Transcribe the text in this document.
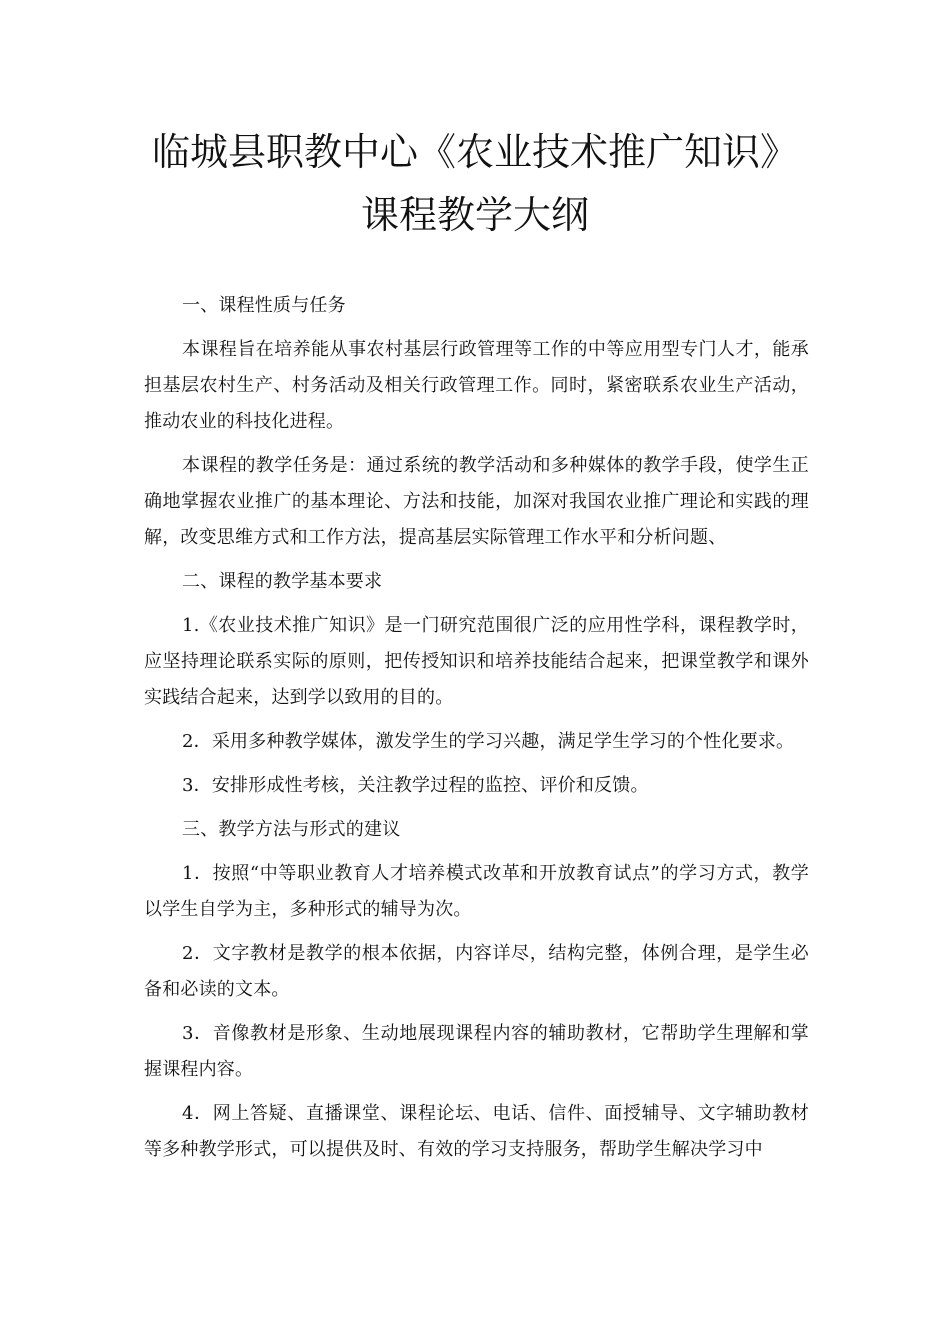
临城县职教中心《农业技术推广知识》
课程教学大纲

一、课程性质与任务

本课程旨在培养能从事农村基层行政管理等工作的中等应用型专门人才，能承担基层农村生产、村务活动及相关行政管理工作。同时，紧密联系农业生产活动，推动农业的科技化进程。

本课程的教学任务是：通过系统的教学活动和多种媒体的教学手段，使学生正确地掌握农业推广的基本理论、方法和技能，加深对我国农业推广理论和实践的理解，改变思维方式和工作方法，提高基层实际管理工作水平和分析问题、

二、课程的教学基本要求

1.《农业技术推广知识》是一门研究范围很广泛的应用性学科，课程教学时，应坚持理论联系实际的原则，把传授知识和培养技能结合起来，把课堂教学和课外实践结合起来，达到学以致用的目的。

2．采用多种教学媒体，激发学生的学习兴趣，满足学生学习的个性化要求。

3．安排形成性考核，关注教学过程的监控、评价和反馈。

三、教学方法与形式的建议

1．按照“中等职业教育人才培养模式改革和开放教育试点”的学习方式，教学以学生自学为主，多种形式的辅导为次。

2．文字教材是教学的根本依据，内容详尽，结构完整，体例合理，是学生必备和必读的文本。

3．音像教材是形象、生动地展现课程内容的辅助教材，它帮助学生理解和掌握课程内容。

4．网上答疑、直播课堂、课程论坛、电话、信件、面授辅导、文字辅助教材等多种教学形式，可以提供及时、有效的学习支持服务，帮助学生解决学习中
